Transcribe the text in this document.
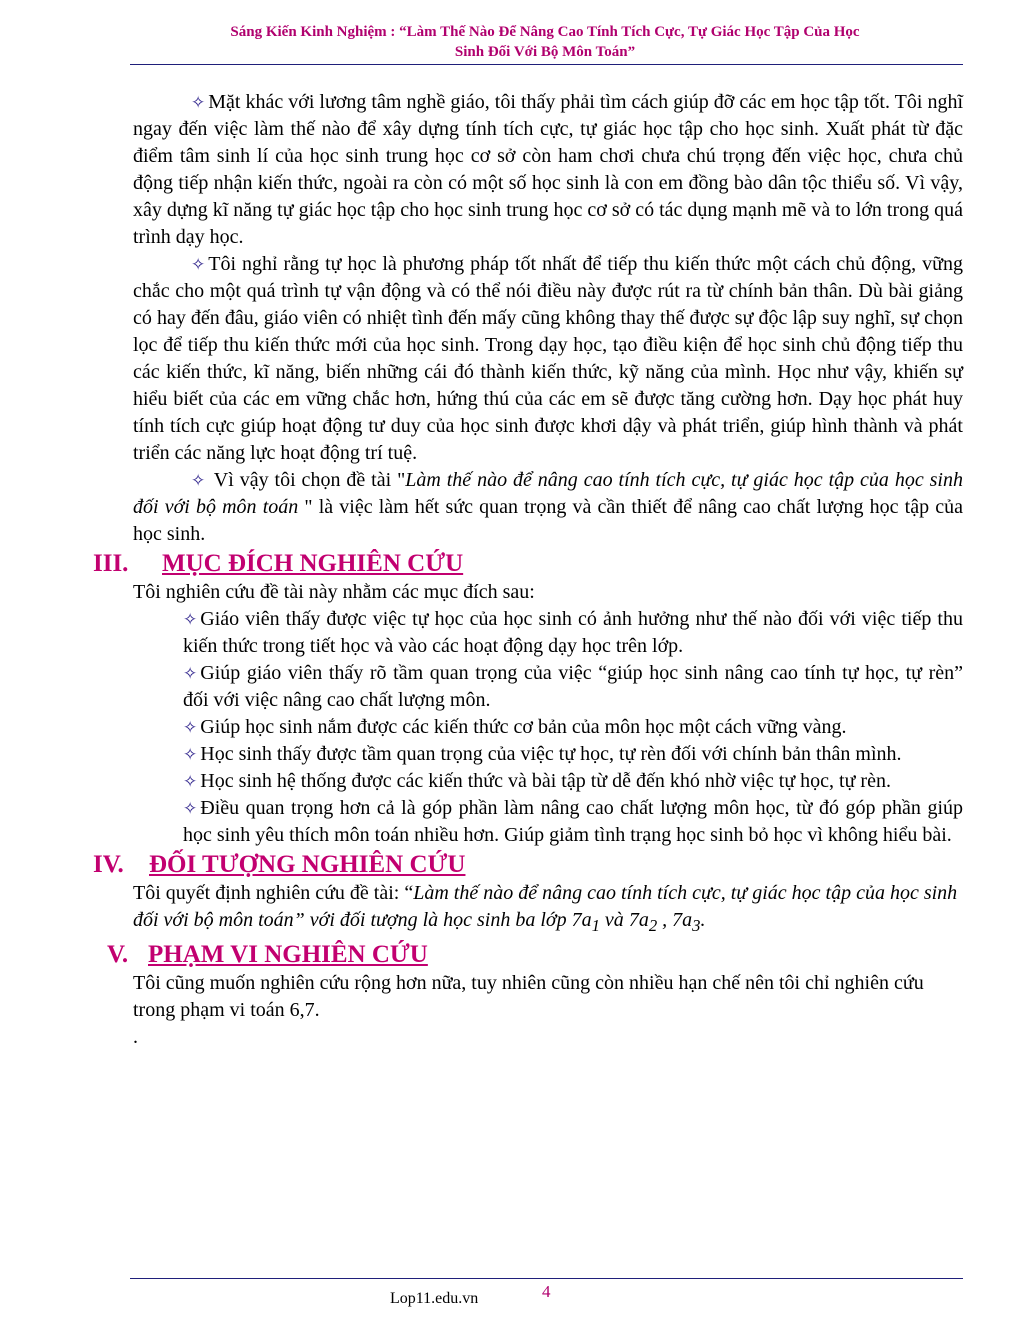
Sáng Kiến Kinh Nghiệm : “Làm Thế Nào Để Nâng Cao Tính Tích Cực, Tự Giác Học Tập Của Học
Sinh Đối Với Bộ Môn Toán”

✧ Mặt khác với lương tâm nghề giáo, tôi thấy phải tìm cách giúp đỡ các em học tập tốt. Tôi nghĩ ngay đến việc làm thế nào để xây dựng tính tích cực, tự giác học tập cho học sinh. Xuất phát từ đặc điểm tâm sinh lí của học sinh trung học cơ sở còn ham chơi chưa chú trọng đến việc học, chưa chủ động tiếp nhận kiến thức, ngoài ra còn có một số học sinh là con em đồng bào dân tộc thiểu số. Vì vậy, xây dựng kĩ năng tự giác học tập cho học sinh trung học cơ sở có tác dụng mạnh mẽ và to lớn trong quá trình dạy học.

✧ Tôi nghỉ rằng tự học là phương pháp tốt nhất để tiếp thu kiến thức một cách chủ động, vững chắc cho một quá trình tự vận động và có thể nói điều này được rút ra từ chính bản thân. Dù bài giảng có hay đến đâu, giáo viên có nhiệt tình đến mấy cũng không thay thế được sự độc lập suy nghĩ, sự chọn lọc để tiếp thu kiến thức mới của học sinh. Trong dạy học, tạo điều kiện để học sinh chủ động tiếp thu các kiến thức, kĩ năng, biến những cái đó thành kiến thức, kỹ năng của mình. Học như vậy, khiến sự hiểu biết của các em vững chắc hơn, hứng thú của các em sẽ được tăng cường hơn. Dạy học phát huy tính tích cực giúp hoạt động tư duy của học sinh được khơi dậy và phát triển, giúp hình thành và phát triển các năng lực hoạt động trí tuệ.

✧ Vì vậy tôi chọn đề tài "Làm thế nào để nâng cao tính tích cực, tự giác học tập của học sinh đối với bộ môn toán " là việc làm hết sức quan trọng và cần thiết để nâng cao chất lượng học tập của học sinh.

III. MỤC ĐÍCH NGHIÊN CỨU

Tôi nghiên cứu đề tài này nhằm các mục đích sau:

✧ Giáo viên thấy được việc tự học của học sinh có ảnh hưởng như thế nào đối với việc tiếp thu kiến thức trong tiết học và vào các hoạt động dạy học trên lớp.

✧ Giúp giáo viên thấy rõ tầm quan trọng của việc “giúp học sinh nâng cao tính tự học, tự rèn” đối với việc nâng cao chất lượng môn.

✧ Giúp học sinh nắm được các kiến thức cơ bản của môn học một cách vững vàng.

✧ Học sinh thấy được tầm quan trọng của việc tự học, tự rèn đối với chính bản thân mình.

✧ Học sinh hệ thống được các kiến thức và bài tập từ dễ đến khó nhờ việc tự học, tự rèn.

✧ Điều quan trọng hơn cả là góp phần làm nâng cao chất lượng môn học, từ đó góp phần giúp học sinh yêu thích môn toán nhiều hơn. Giúp giảm tình trạng học sinh bỏ học vì không hiểu bài.

IV. ĐỐI TƯỢNG NGHIÊN CỨU

Tôi quyết định nghiên cứu đề tài: “Làm thế nào để nâng cao tính tích cực, tự giác học tập của học sinh đối với bộ môn toán” với đối tượng là học sinh ba lớp $7a_1$ và $7a_2$ , $7a_3$.

V. PHẠM VI NGHIÊN CỨU

Tôi cũng muốn nghiên cứu rộng hơn nữa, tuy nhiên cũng còn nhiều hạn chế nên tôi chỉ nghiên cứu trong phạm vi toán 6,7.

.

Lop11.edu.vn	4
